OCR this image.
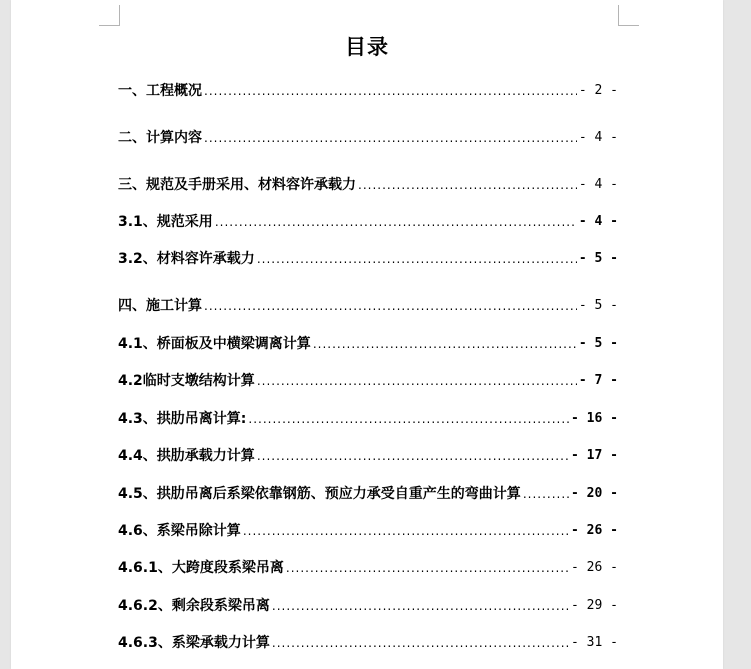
目录
一、工程概况 .....	- 2 -
二、计算内容 .....	- 4 -
三、规范及手册采用、材料容许承载力 .....	- 4 -
3.1、规范采用 .....	- 4 -
3.2、材料容许承载力 .....	- 5 -
四、施工计算 .....	- 5 -
4.1、桥面板及中横梁调离计算 .....	- 5 -
4.2临时支墩结构计算 .....	- 7 -
4.3、拱肋吊离计算: .....	- 16 -
4.4、拱肋承载力计算 .....	- 17 -
4.5、拱肋吊离后系梁依靠钢筋、预应力承受自重产生的弯曲计算 .....	- 20 -
4.6、系梁吊除计算 .....	- 26 -
4.6.1、大跨度段系梁吊离 .....	- 26 -
4.6.2、剩余段系梁吊离 .....	- 29 -
4.6.3、系梁承载力计算 .....	- 31 -
